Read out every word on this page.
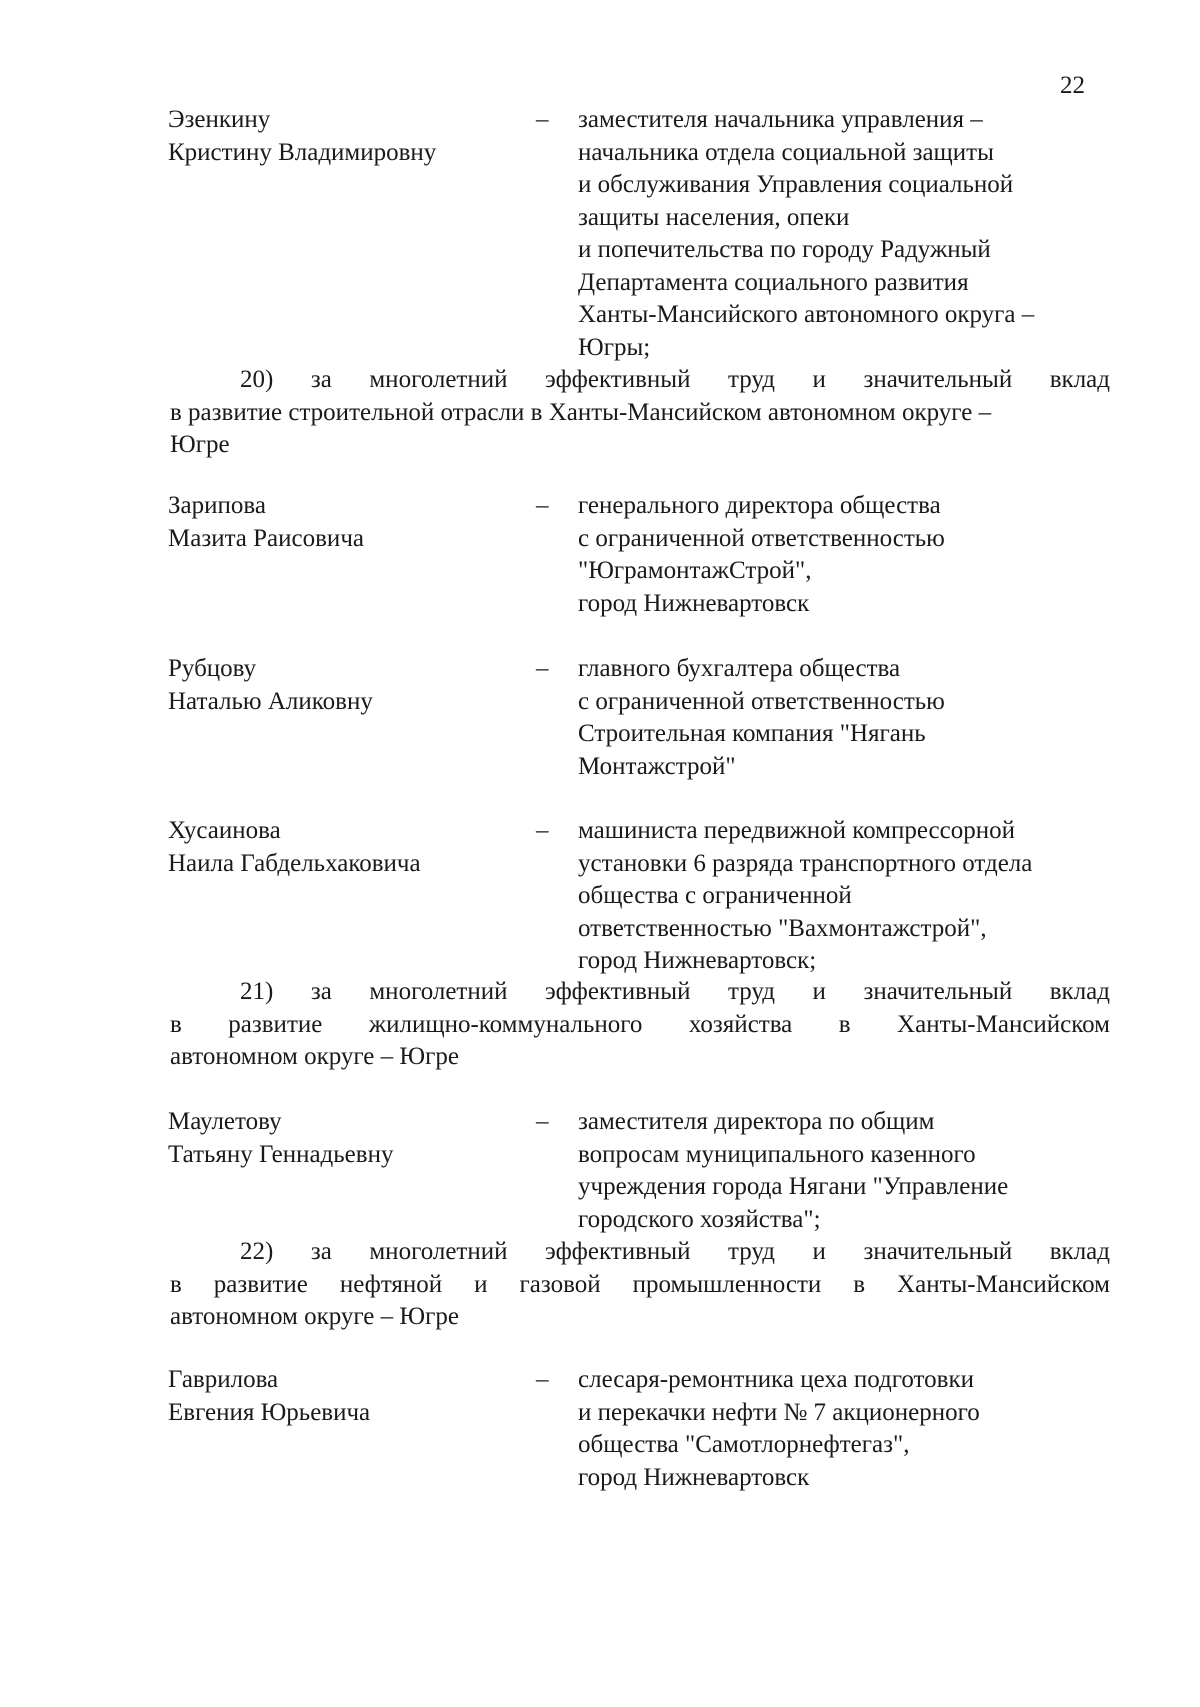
22
Эзенкину
Кристину Владимировну
– заместителя начальника управления –
начальника отдела социальной защиты
и обслуживания Управления социальной
защиты населения, опеки
и попечительства по городу Радужный
Департамента социального развития
Ханты-Мансийского автономного округа –
Югры;
20) за многолетний эффективный труд и значительный вклад
в развитие строительной отрасли в Ханты-Мансийском автономном округе –
Югре
Зарипова
Мазита Раисовича
– генерального директора общества
с ограниченной ответственностью
"ЮграмонтажСтрой",
город Нижневартовск
Рубцову
Наталью Аликовну
– главного бухгалтера общества
с ограниченной ответственностью
Строительная компания "Нягань
Монтажстрой"
Хусаинова
Наила Габдельхаковича
– машиниста передвижной компрессорной
установки 6 разряда транспортного отдела
общества с ограниченной
ответственностью "Вахмонтажстрой",
город Нижневартовск;
21) за многолетний эффективный труд и значительный вклад
в развитие жилищно-коммунального хозяйства в Ханты-Мансийском
автономном округе – Югре
Маулетову
Татьяну Геннадьевну
– заместителя директора по общим
вопросам муниципального казенного
учреждения города Нягани "Управление
городского хозяйства";
22) за многолетний эффективный труд и значительный вклад
в развитие нефтяной и газовой промышленности в Ханты-Мансийском
автономном округе – Югре
Гаврилова
Евгения Юрьевича
– слесаря-ремонтника цеха подготовки
и перекачки нефти № 7 акционерного
общества "Самотлорнефтегаз",
город Нижневартовск
